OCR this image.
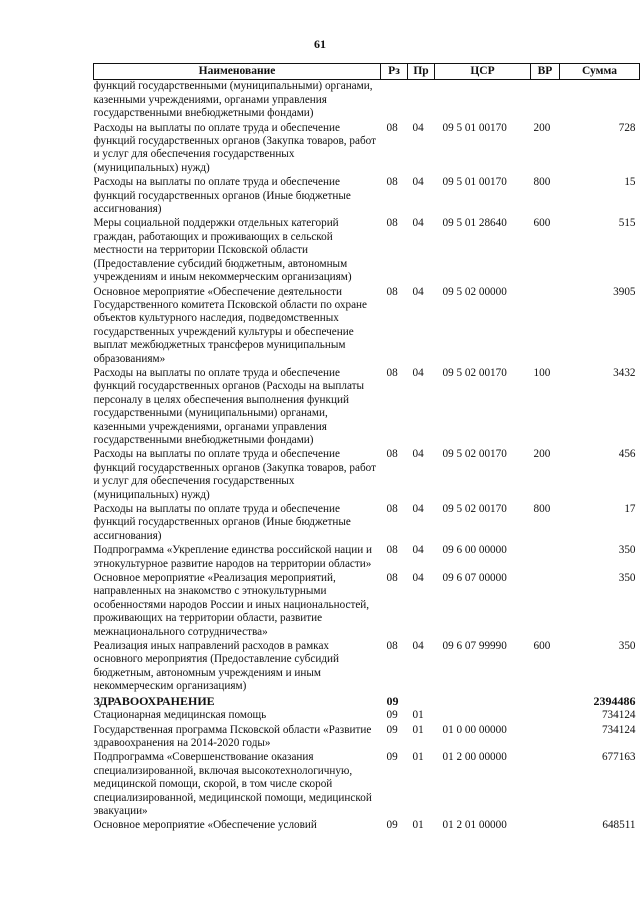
61
Наименование	Рз	Пр	ЦСР	ВР	Сумма
функций государственными (муниципальными) органами, казенными учреждениями, органами управления государственными внебюджетными фондами)					
Расходы на выплаты по оплате труда и обеспечение функций государственных органов (Закупка товаров, работ и услуг для обеспечения государственных (муниципальных) нужд)	08	04	09 5 01 00170	200	728
Расходы на выплаты по оплате труда и обеспечение функций государственных органов (Иные бюджетные ассигнования)	08	04	09 5 01 00170	800	15
Меры социальной поддержки отдельных категорий граждан, работающих и проживающих в сельской местности на территории Псковской области (Предоставление субсидий бюджетным, автономным учреждениям и иным некоммерческим организациям)	08	04	09 5 01 28640	600	515
Основное мероприятие «Обеспечение деятельности Государственного комитета Псковской области по охране объектов культурного наследия, подведомственных государственных учреждений культуры и обеспечение выплат межбюджетных трансферов муниципальным образованиям»	08	04	09 5 02 00000		3905
Расходы на выплаты по оплате труда и обеспечение функций государственных органов (Расходы на выплаты персоналу в целях обеспечения выполнения функций государственными (муниципальными) органами, казенными учреждениями, органами управления государственными внебюджетными фондами)	08	04	09 5 02 00170	100	3432
Расходы на выплаты по оплате труда и обеспечение функций государственных органов (Закупка товаров, работ и услуг для обеспечения государственных (муниципальных) нужд)	08	04	09 5 02 00170	200	456
Расходы на выплаты по оплате труда и обеспечение функций государственных органов (Иные бюджетные ассигнования)	08	04	09 5 02 00170	800	17
Подпрограмма «Укрепление единства российской нации и этнокультурное развитие народов на территории области»	08	04	09 6 00 00000		350
Основное мероприятие «Реализация мероприятий, направленных на знакомство с этнокультурными особенностями народов России и иных национальностей, проживающих на территории области, развитие межнационального сотрудничества»	08	04	09 6 07 00000		350
Реализация иных направлений расходов в рамках основного мероприятия (Предоставление субсидий бюджетным, автономным учреждениям и иным некоммерческим организациям)	08	04	09 6 07 99990	600	350
ЗДРАВООХРАНЕНИЕ	09				2394486
Стационарная медицинская помощь	09	01			734124
Государственная программа Псковской области «Развитие здравоохранения на 2014-2020 годы»	09	01	01 0 00 00000		734124
Подпрограмма «Совершенствование оказания специализированной, включая высокотехнологичную, медицинской помощи, скорой, в том числе скорой специализированной, медицинской помощи, медицинской эвакуации»	09	01	01 2 00 00000		677163
Основное мероприятие «Обеспечение условий	09	01	01 2 01 00000		648511
